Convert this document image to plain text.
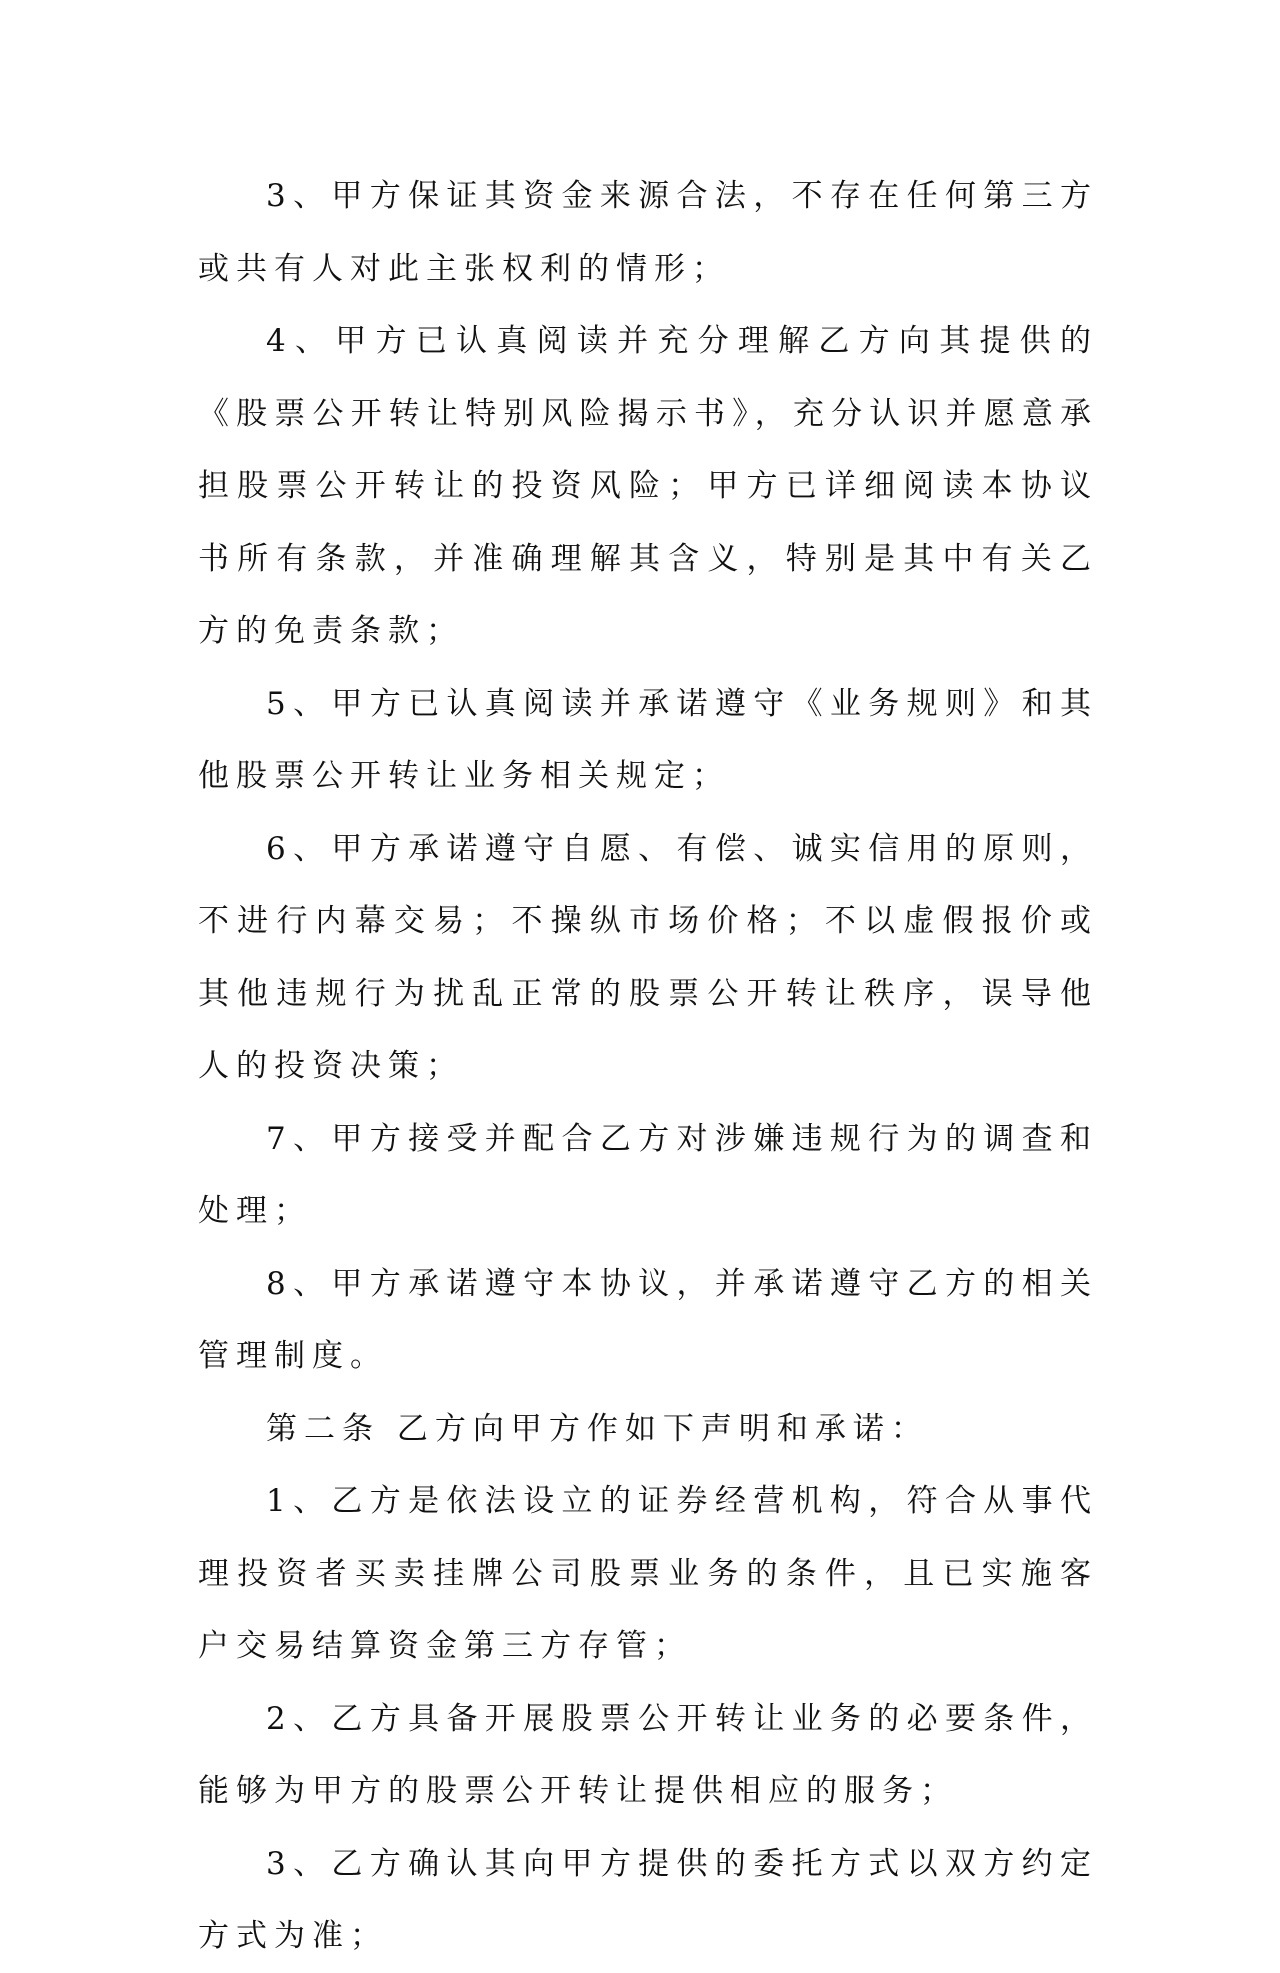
3、甲方保证其资金来源合法，不存在任何第三方或共有人对此主张权利的情形；

4、甲方已认真阅读并充分理解乙方向其提供的《股票公开转让特别风险揭示书》，充分认识并愿意承担股票公开转让的投资风险；甲方已详细阅读本协议书所有条款，并准确理解其含义，特别是其中有关乙方的免责条款；

5、甲方已认真阅读并承诺遵守《业务规则》和其他股票公开转让业务相关规定；

6、甲方承诺遵守自愿、有偿、诚实信用的原则，不进行内幕交易；不操纵市场价格；不以虚假报价或其他违规行为扰乱正常的股票公开转让秩序，误导他人的投资决策；

7、甲方接受并配合乙方对涉嫌违规行为的调查和处理；

8、甲方承诺遵守本协议，并承诺遵守乙方的相关管理制度。

第二条 乙方向甲方作如下声明和承诺：

1、乙方是依法设立的证券经营机构，符合从事代理投资者买卖挂牌公司股票业务的条件，且已实施客户交易结算资金第三方存管；

2、乙方具备开展股票公开转让业务的必要条件，能够为甲方的股票公开转让提供相应的服务；

3、乙方确认其向甲方提供的委托方式以双方约定方式为准；
